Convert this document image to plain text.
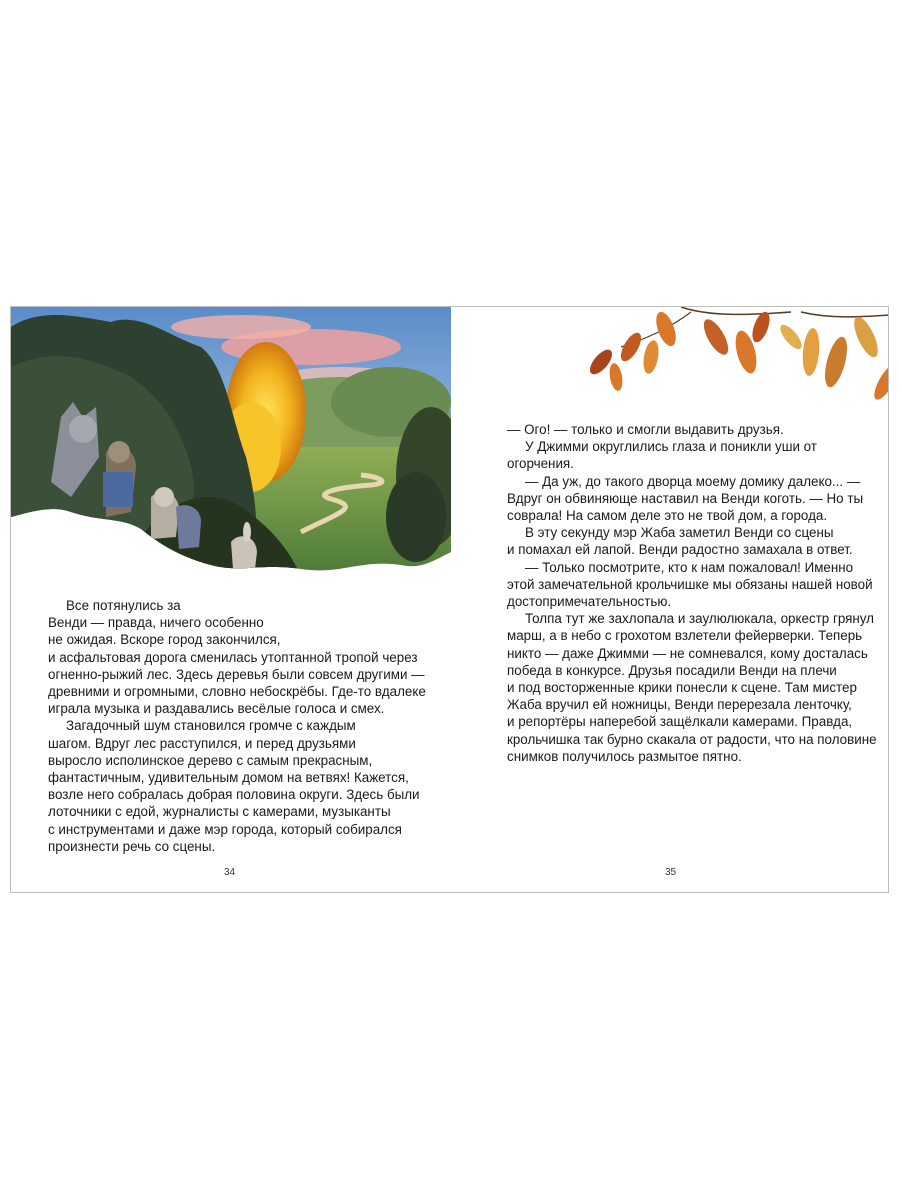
Все потянулись за

Венди — правда, ничего особенно

не ожидая. Вскоре город закончился,

и асфальтовая дорога сменилась утоптанной тропой через

огненно-рыжий лес. Здесь деревья были совсем другими —

древними и огромными, словно небоскрёбы. Где-то вдалеке

играла музыка и раздавались весёлые голоса и смех.

Загадочный шум становился громче с каждым

шагом. Вдруг лес расступился, и перед друзьями

выросло исполинское дерево с самым прекрасным,

фантастичным, удивительным домом на ветвях! Кажется,

возле него собралась добрая половина округи. Здесь были

лоточники с едой, журналисты с камерами, музыканты

с инструментами и даже мэр города, который собирался

произнести речь со сцены.

34

— Ого! — только и смогли выдавить друзья.

У Джимми округлились глаза и поникли уши от

огорчения.

— Да уж, до такого дворца моему домику далеко... —

Вдруг он обвиняюще наставил на Венди коготь. — Но ты

соврала! На самом деле это не твой дом, а города.

В эту секунду мэр Жаба заметил Венди со сцены

и помахал ей лапой. Венди радостно замахала в ответ.

— Только посмотрите, кто к нам пожаловал! Именно

этой замечательной крольчишке мы обязаны нашей новой

достопримечательностью.

Толпа тут же захлопала и заулюлюкала, оркестр грянул

марш, а в небо с грохотом взлетели фейерверки. Теперь

никто — даже Джимми — не сомневался, кому досталась

победа в конкурсе. Друзья посадили Венди на плечи

и под восторженные крики понесли к сцене. Там мистер

Жаба вручил ей ножницы, Венди перерезала ленточку,

и репортёры наперебой защёлкали камерами. Правда,

крольчишка так бурно скакала от радости, что на половине

снимков получилось размытое пятно.

35
